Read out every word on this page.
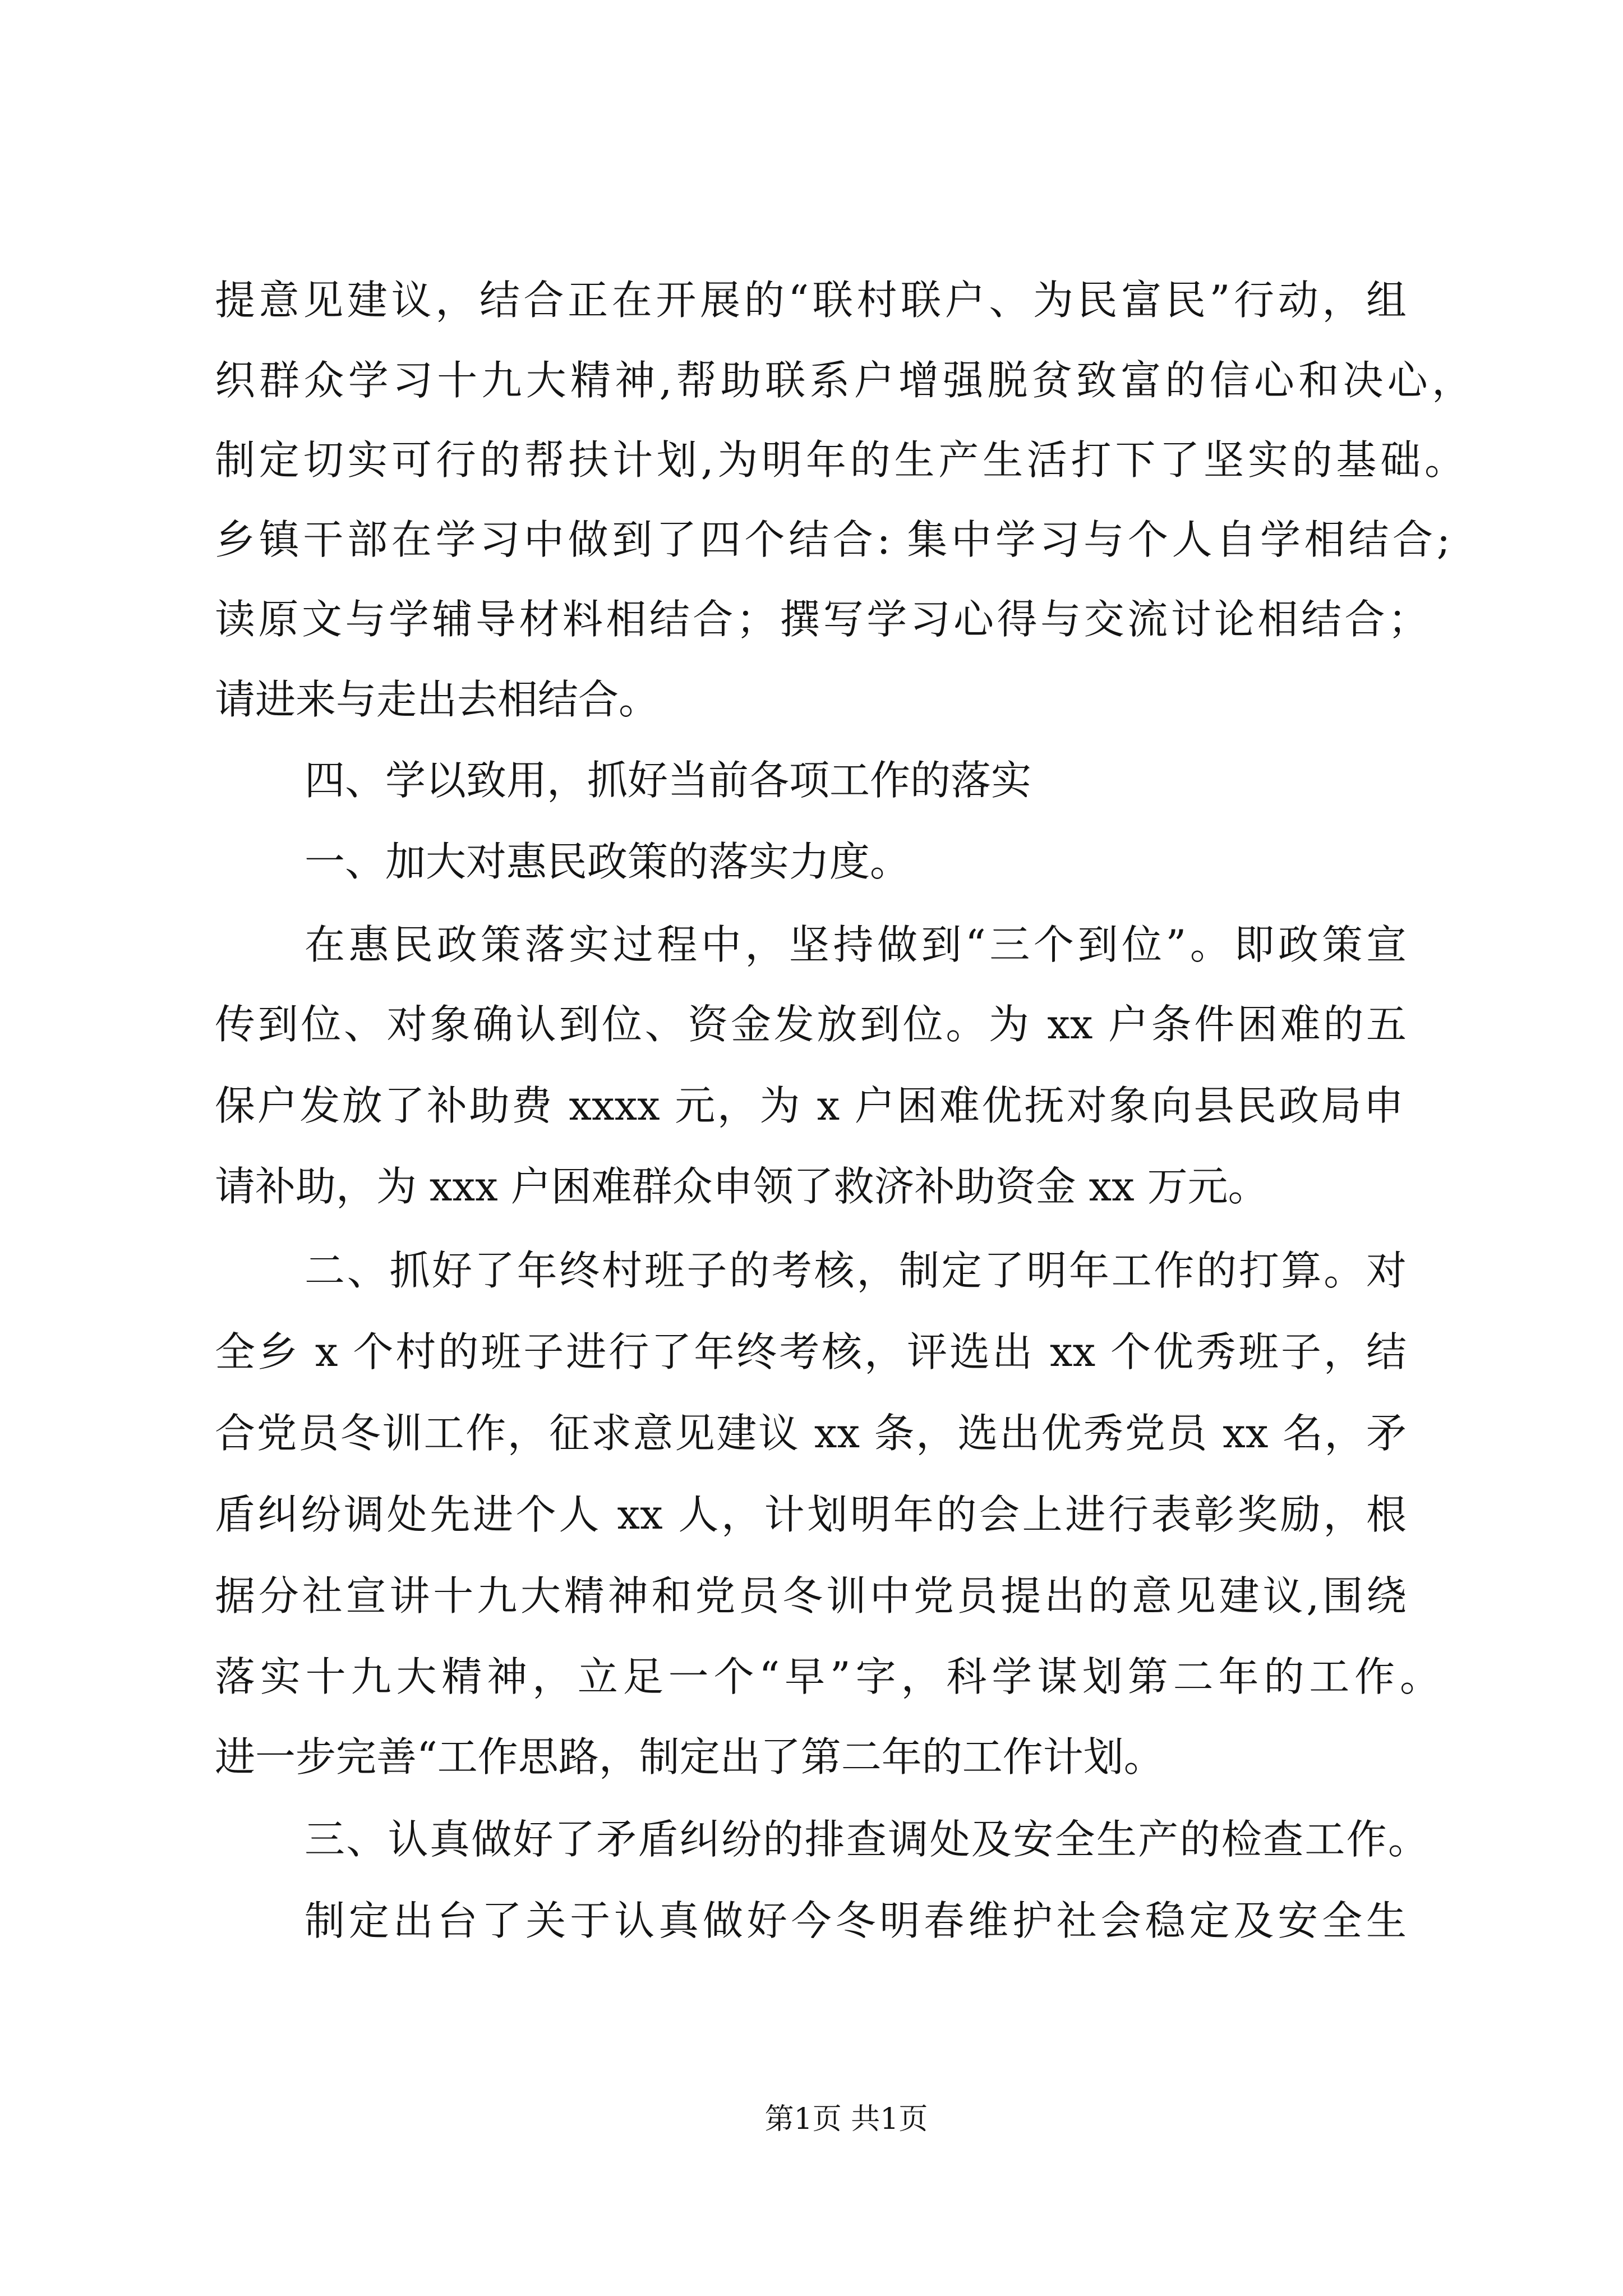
提意见建议，结合正在开展的“联村联户、为民富民”行动，组

织群众学习十九大精神,帮助联系户增强脱贫致富的信心和决心，

制定切实可行的帮扶计划,为明年的生产生活打下了坚实的基础。

乡镇干部在学习中做到了四个结合: 集中学习与个人自学相结合;

读原文与学辅导材料相结合；撰写学习心得与交流讨论相结合；

请进来与走出去相结合。

四、学以致用，抓好当前各项工作的落实

一、加大对惠民政策的落实力度。

在惠民政策落实过程中，坚持做到“三个到位”。即政策宣

传到位、对象确认到位、资金发放到位。为 xx 户条件困难的五

保户发放了补助费 xxxx 元，为 x 户困难优抚对象向县民政局申

请补助，为 xxx 户困难群众申领了救济补助资金 xx 万元。

二、抓好了年终村班子的考核，制定了明年工作的打算。对

全乡 x 个村的班子进行了年终考核，评选出 xx 个优秀班子，结

合党员冬训工作，征求意见建议 xx 条，选出优秀党员 xx 名，矛

盾纠纷调处先进个人 xx 人，计划明年的会上进行表彰奖励，根

据分社宣讲十九大精神和党员冬训中党员提出的意见建议,围绕

落实十九大精神，立足一个“早”字，科学谋划第二年的工作。

进一步完善“工作思路，制定出了第二年的工作计划。

三、认真做好了矛盾纠纷的排查调处及安全生产的检查工作。

制定出台了关于认真做好今冬明春维护社会稳定及安全生

第1页 共1页
